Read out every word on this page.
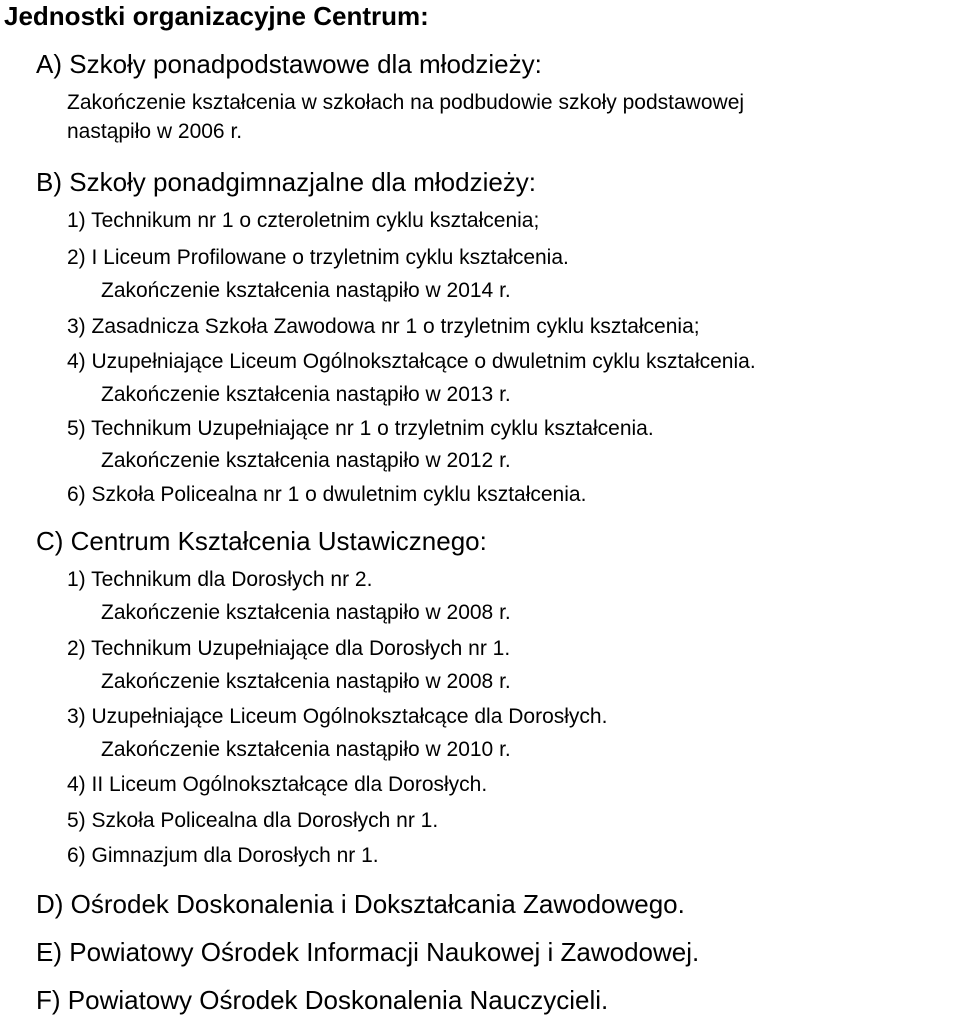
Jednostki organizacyjne Centrum:
A) Szkoły ponadpodstawowe dla młodzieży:
Zakończenie kształcenia w szkołach na podbudowie szkoły podstawowej
nastąpiło w 2006 r.
B) Szkoły ponadgimnazjalne dla młodzieży:
1) Technikum nr 1 o czteroletnim cyklu kształcenia;
2) I Liceum Profilowane o trzyletnim cyklu kształcenia.
Zakończenie kształcenia nastąpiło w 2014 r.
3) Zasadnicza Szkoła Zawodowa nr 1 o trzyletnim cyklu kształcenia;
4) Uzupełniające Liceum Ogólnokształcące o dwuletnim cyklu kształcenia.
Zakończenie kształcenia nastąpiło w 2013 r.
5) Technikum Uzupełniające nr 1 o trzyletnim cyklu kształcenia.
Zakończenie kształcenia nastąpiło w 2012 r.
6) Szkoła Policealna nr 1 o dwuletnim cyklu kształcenia.
C) Centrum Kształcenia Ustawicznego:
1) Technikum dla Dorosłych nr 2.
Zakończenie kształcenia nastąpiło w 2008 r.
2) Technikum Uzupełniające dla Dorosłych nr 1.
Zakończenie kształcenia nastąpiło w 2008 r.
3) Uzupełniające Liceum Ogólnokształcące dla Dorosłych.
Zakończenie kształcenia nastąpiło w 2010 r.
4) II Liceum Ogólnokształcące dla Dorosłych.
5) Szkoła Policealna dla Dorosłych nr 1.
6) Gimnazjum dla Dorosłych nr 1.
D) Ośrodek Doskonalenia i Dokształcania Zawodowego.
E) Powiatowy Ośrodek Informacji Naukowej i Zawodowej.
F) Powiatowy Ośrodek Doskonalenia Nauczycieli.
